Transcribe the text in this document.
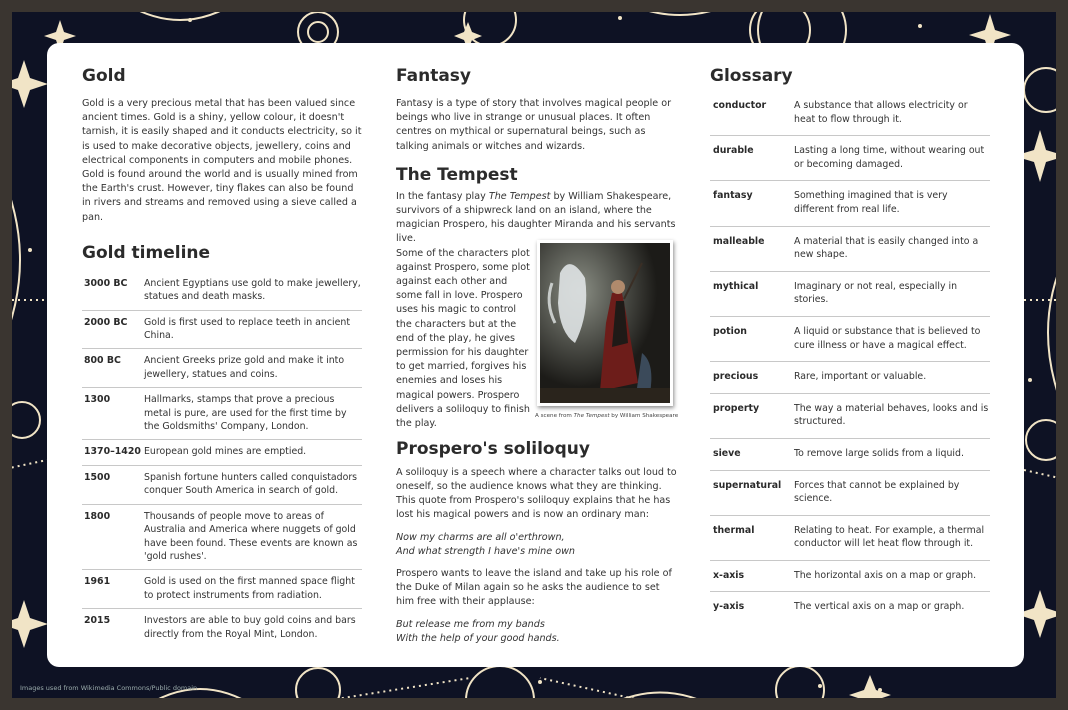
Gold

Gold is a very precious metal that has been valued since ancient times. Gold is a shiny, yellow colour, it doesn't tarnish, it is easily shaped and it conducts electricity, so it is used to make decorative objects, jewellery, coins and electrical components in computers and mobile phones. Gold is found around the world and is usually mined from the Earth's crust. However, tiny flakes can also be found in rivers and streams and removed using a sieve called a pan.

Gold timeline
3000 BC	Ancient Egyptians use gold to make jewellery, statues and death masks.
2000 BC	Gold is first used to replace teeth in ancient China.
800 BC	Ancient Greeks prize gold and make it into jewellery, statues and coins.
1300	Hallmarks, stamps that prove a precious metal is pure, are used for the first time by the Goldsmiths' Company, London.
1370–1420	European gold mines are emptied.
1500	Spanish fortune hunters called conquistadors conquer South America in search of gold.
1800	Thousands of people move to areas of Australia and America where nuggets of gold have been found. These events are known as 'gold rushes'.
1961	Gold is used on the first manned space flight to protect instruments from radiation.
2015	Investors are able to buy gold coins and bars directly from the Royal Mint, London.
Fantasy

Fantasy is a type of story that involves magical people or beings who live in strange or unusual places. It often centres on mythical or supernatural beings, such as talking animals or witches and wizards.

The Tempest
In the fantasy play The Tempest by William Shakespeare, survivors of a shipwreck land on an island, where the magician Prospero, his daughter Miranda and his servants live.
Some of the characters plot against Prospero, some plot against each other and some fall in love. Prospero uses his magic to control the characters but at the end of the play, he gives permission for his daughter to get married, forgives his enemies and loses his magical powers. Prospero delivers a soliloquy to finish the play.
A scene from The Tempest by William Shakespeare
Prospero's soliloquy

A soliloquy is a speech where a character talks out loud to oneself, so the audience knows what they are thinking. This quote from Prospero's soliloquy explains that he has lost his magical powers and is now an ordinary man:

Now my charms are all o'erthrown,
And what strength I have's mine own

Prospero wants to leave the island and take up his role of the Duke of Milan again so he asks the audience to set him free with their applause:

But release me from my bands
With the help of your good hands.

Glossary
conductor	A substance that allows electricity or heat to flow through it.
durable	Lasting a long time, without wearing out or becoming damaged.
fantasy	Something imagined that is very different from real life.
malleable	A material that is easily changed into a new shape.
mythical	Imaginary or not real, especially in stories.
potion	A liquid or substance that is believed to cure illness or have a magical effect.
precious	Rare, important or valuable.
property	The way a material behaves, looks and is structured.
sieve	To remove large solids from a liquid.
supernatural	Forces that cannot be explained by science.
thermal	Relating to heat. For example, a thermal conductor will let heat flow through it.
x-axis	The horizontal axis on a map or graph.
y-axis	The vertical axis on a map or graph.
Images used from Wikimedia Commons/Public domain
